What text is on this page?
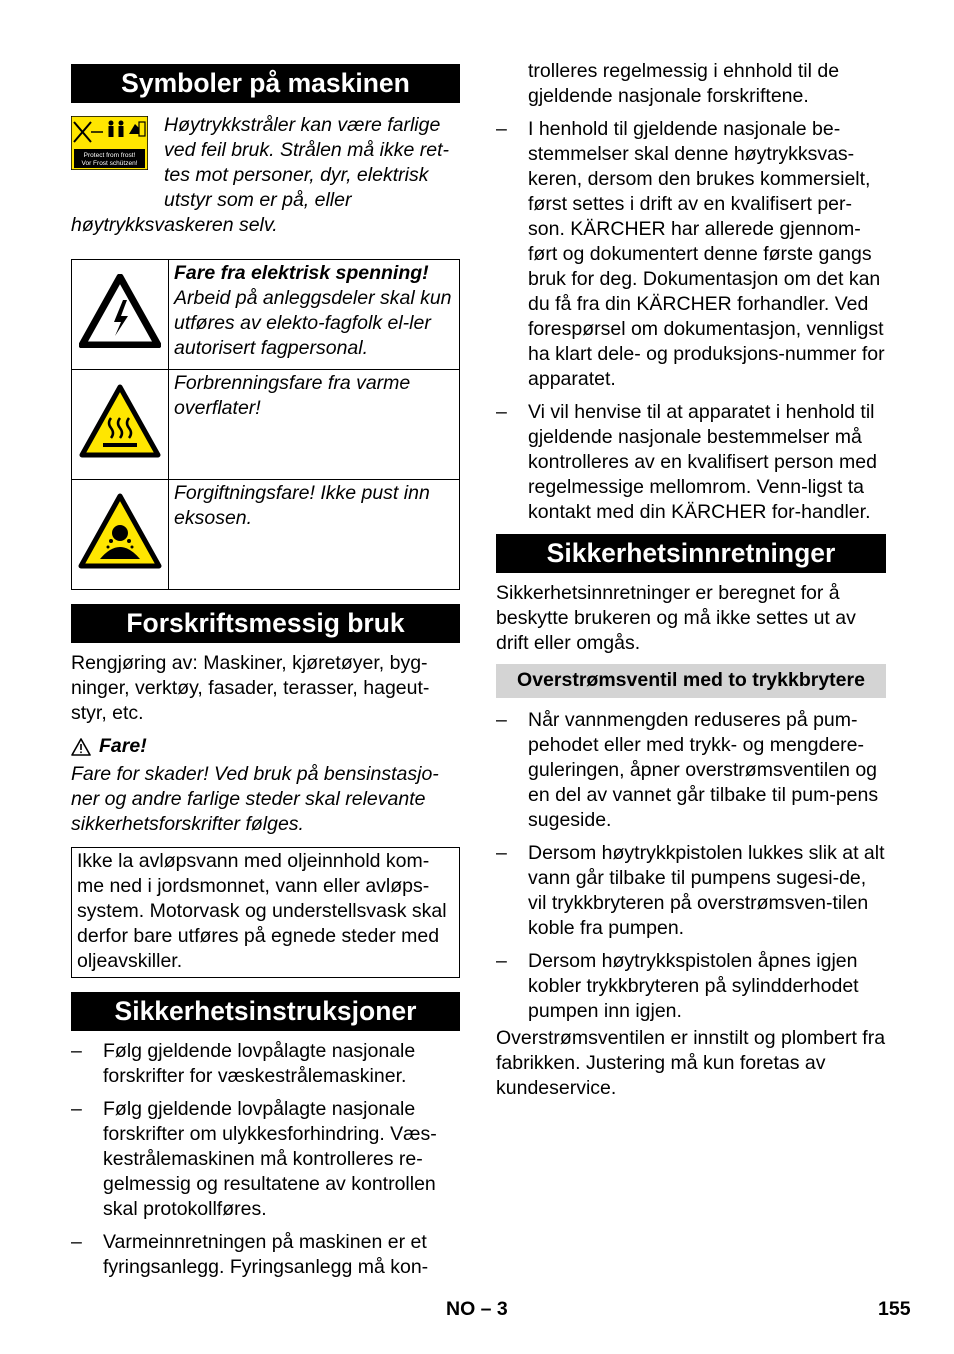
Symboler på maskinen
Protect from frost!
Vor Frost schützen!

Høytrykkstråler kan være farlige ved feil bruk. Strålen må ikke ret-tes mot personer, dyr, elektrisk utstyr som er på, eller høytrykksvaskeren selv.

Fare fra elektrisk spenning!
Arbeid på anleggsdeler skal kun utføres av elekto-fagfolk el-ler autorisert fagpersonal.

Forbrenningsfare fra varme overflater!

Forgiftningsfare! Ikke pust inn eksosen.
Forskriftsmessig bruk

Rengjøring av: Maskiner, kjøretøyer, byg-ninger, verktøy, fasader, terasser, hageut-styr, etc.

Fare!

Fare for skader! Ved bruk på bensinstasjo-ner og andre farlige steder skal relevante sikkerhetsforskrifter følges.

Ikke la avløpsvann med oljeinnhold kom-me ned i jordsmonnet, vann eller avløps-system. Motorvask og understellsvask skal derfor bare utføres på egnede steder med oljeavskiller.
Sikkerhetsinstruksjoner
– Følg gjeldende lovpålagte nasjonale forskrifter for væskestrålemaskiner.
– Følg gjeldende lovpålagte nasjonale forskrifter om ulykkesforhindring. Væs-kestrålemaskinen må kontrolleres re-gelmessig og resultatene av kontrollen skal protokollføres.
– Varmeinnretningen på maskinen er et fyringsanlegg. Fyringsanlegg må kon-

trolleres regelmessig i ehnhold til de gjeldende nasjonale forskriftene.

– I henhold til gjeldende nasjonale be-stemmelser skal denne høytrykksvas-keren, dersom den brukes kommersielt, først settes i drift av en kvalifisert per-son. KÄRCHER har allerede gjennom-ført og dokumentert denne første gangs bruk for deg. Dokumentasjon om det kan du få fra din KÄRCHER forhandler. Ved forespørsel om dokumentasjon, vennligst ha klart dele- og produksjons-nummer for apparatet.
– Vi vil henvise til at apparatet i henhold til gjeldende nasjonale bestemmelser må kontrolleres av en kvalifisert person med regelmessige mellomrom. Venn-ligst ta kontakt med din KÄRCHER for-handler.
Sikkerhetsinnretninger

Sikkerhetsinnretninger er beregnet for å beskytte brukeren og må ikke settes ut av drift eller omgås.

Overstrømsventil med to trykkbrytere
– Når vannmengden reduseres på pum-pehodet eller med trykk- og mengdere-guleringen, åpner overstrømsventilen og en del av vannet går tilbake til pum-pens sugeside.
– Dersom høytrykkpistolen lukkes slik at alt vann går tilbake til pumpens sugesi-de, vil trykkbryteren på overstrømsven-tilen koble fra pumpen.
– Dersom høytrykkspistolen åpnes igjen kobler trykkbryteren på sylindderhodet pumpen inn igjen.

Overstrømsventilen er innstilt og plombert fra fabrikken. Justering må kun foretas av kundeservice.

NO – 3	155
